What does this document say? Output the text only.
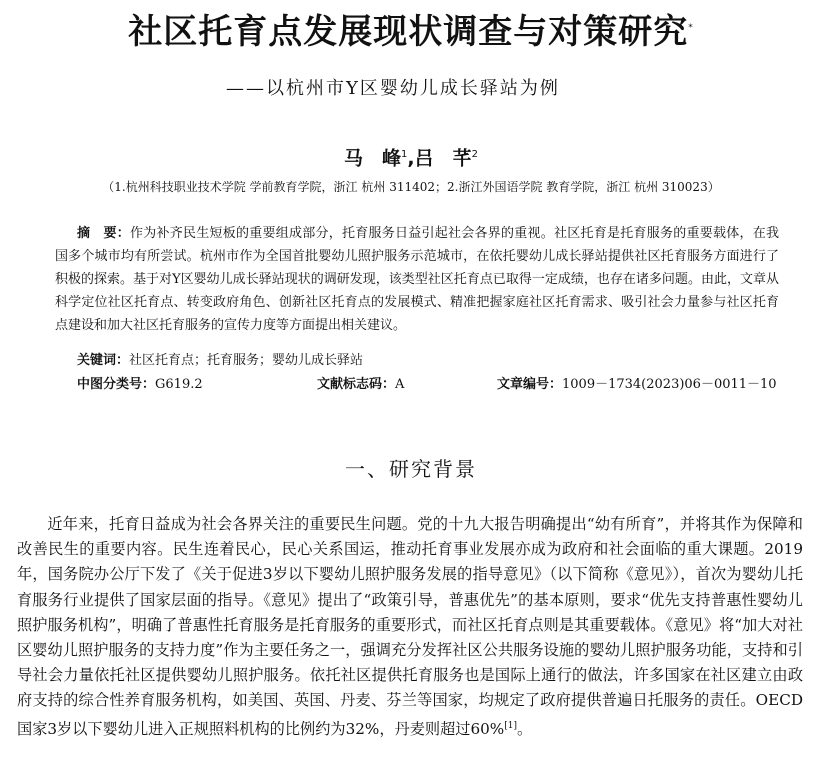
社区托育点发展现状调查与对策研究*
——以杭州市Y区婴幼儿成长驿站为例
马　峰$^1$,吕　芊$^2$
（1.杭州科技职业技术学院 学前教育学院，浙江 杭州 311402；2.浙江外国语学院 教育学院，浙江 杭州 310023）
摘　要：作为补齐民生短板的重要组成部分，托育服务日益引起社会各界的重视。社区托育是托育服务的重要载体，在我国多个城市均有所尝试。杭州市作为全国首批婴幼儿照护服务示范城市，在依托婴幼儿成长驿站提供社区托育服务方面进行了积极的探索。基于对Y区婴幼儿成长驿站现状的调研发现，该类型社区托育点已取得一定成绩，也存在诸多问题。由此，文章从科学定位社区托育点、转变政府角色、创新社区托育点的发展模式、精准把握家庭社区托育需求、吸引社会力量参与社区托育点建设和加大社区托育服务的宣传力度等方面提出相关建议。
关键词：社区托育点；托育服务；婴幼儿成长驿站
中图分类号：G619.2	文献标志码：A	文章编号：1009－1734(2023)06－0011－10
一、研究背景
近年来，托育日益成为社会各界关注的重要民生问题。党的十九大报告明确提出“幼有所育”，并将其作为保障和改善民生的重要内容。民生连着民心，民心关系国运，推动托育事业发展亦成为政府和社会面临的重大课题。2019年，国务院办公厅下发了《关于促进3岁以下婴幼儿照护服务发展的指导意见》（以下简称《意见》），首次为婴幼儿托育服务行业提供了国家层面的指导。《意见》提出了“政策引导，普惠优先”的基本原则，要求“优先支持普惠性婴幼儿照护服务机构”，明确了普惠性托育服务是托育服务的重要形式，而社区托育点则是其重要载体。《意见》将“加大对社区婴幼儿照护服务的支持力度”作为主要任务之一，强调充分发挥社区公共服务设施的婴幼儿照护服务功能，支持和引导社会力量依托社区提供婴幼儿照护服务。依托社区提供托育服务也是国际上通行的做法，许多国家在社区建立由政府支持的综合性养育服务机构，如美国、英国、丹麦、芬兰等国家，均规定了政府提供普遍日托服务的责任。OECD国家3岁以下婴幼儿进入正规照料机构的比例约为32%，丹麦则超过60%[1]。
